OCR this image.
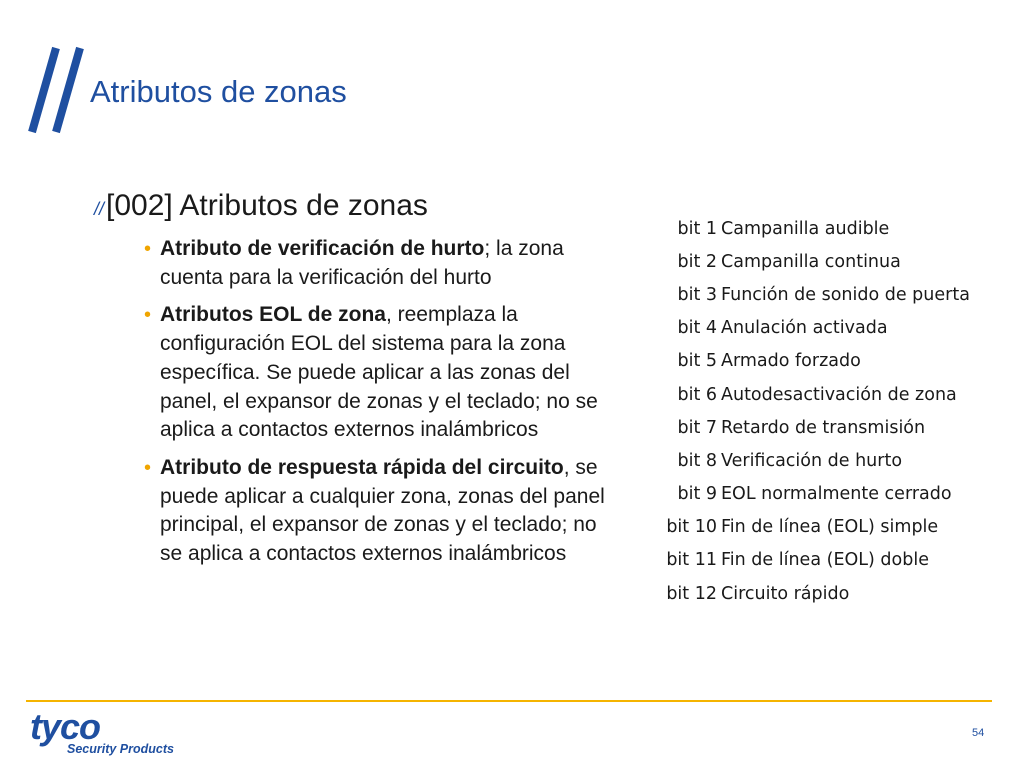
Atributos de zonas
//[002] Atributos de zonas
• Atributo de verificación de hurto; la zona cuenta para la verificación del hurto
• Atributos EOL de zona, reemplaza la configuración EOL del sistema para la zona específica. Se puede aplicar a las zonas del panel, el expansor de zonas y el teclado; no se aplica a contactos externos inalámbricos
• Atributo de respuesta rápida del circuito, se puede aplicar a cualquier zona, zonas del panel principal, el expansor de zonas y el teclado; no se aplica a contactos externos inalámbricos
bit 1 Campanilla audible
bit 2 Campanilla continua
bit 3 Función de sonido de puerta
bit 4 Anulación activada
bit 5 Armado forzado
bit 6 Autodesactivación de zona
bit 7 Retardo de transmisión
bit 8 Verificación de hurto
bit 9 EOL normalmente cerrado
bit 10 Fin de línea (EOL) simple
bit 11 Fin de línea (EOL) doble
bit 12 Circuito rápido
tyco
Security Products
54
